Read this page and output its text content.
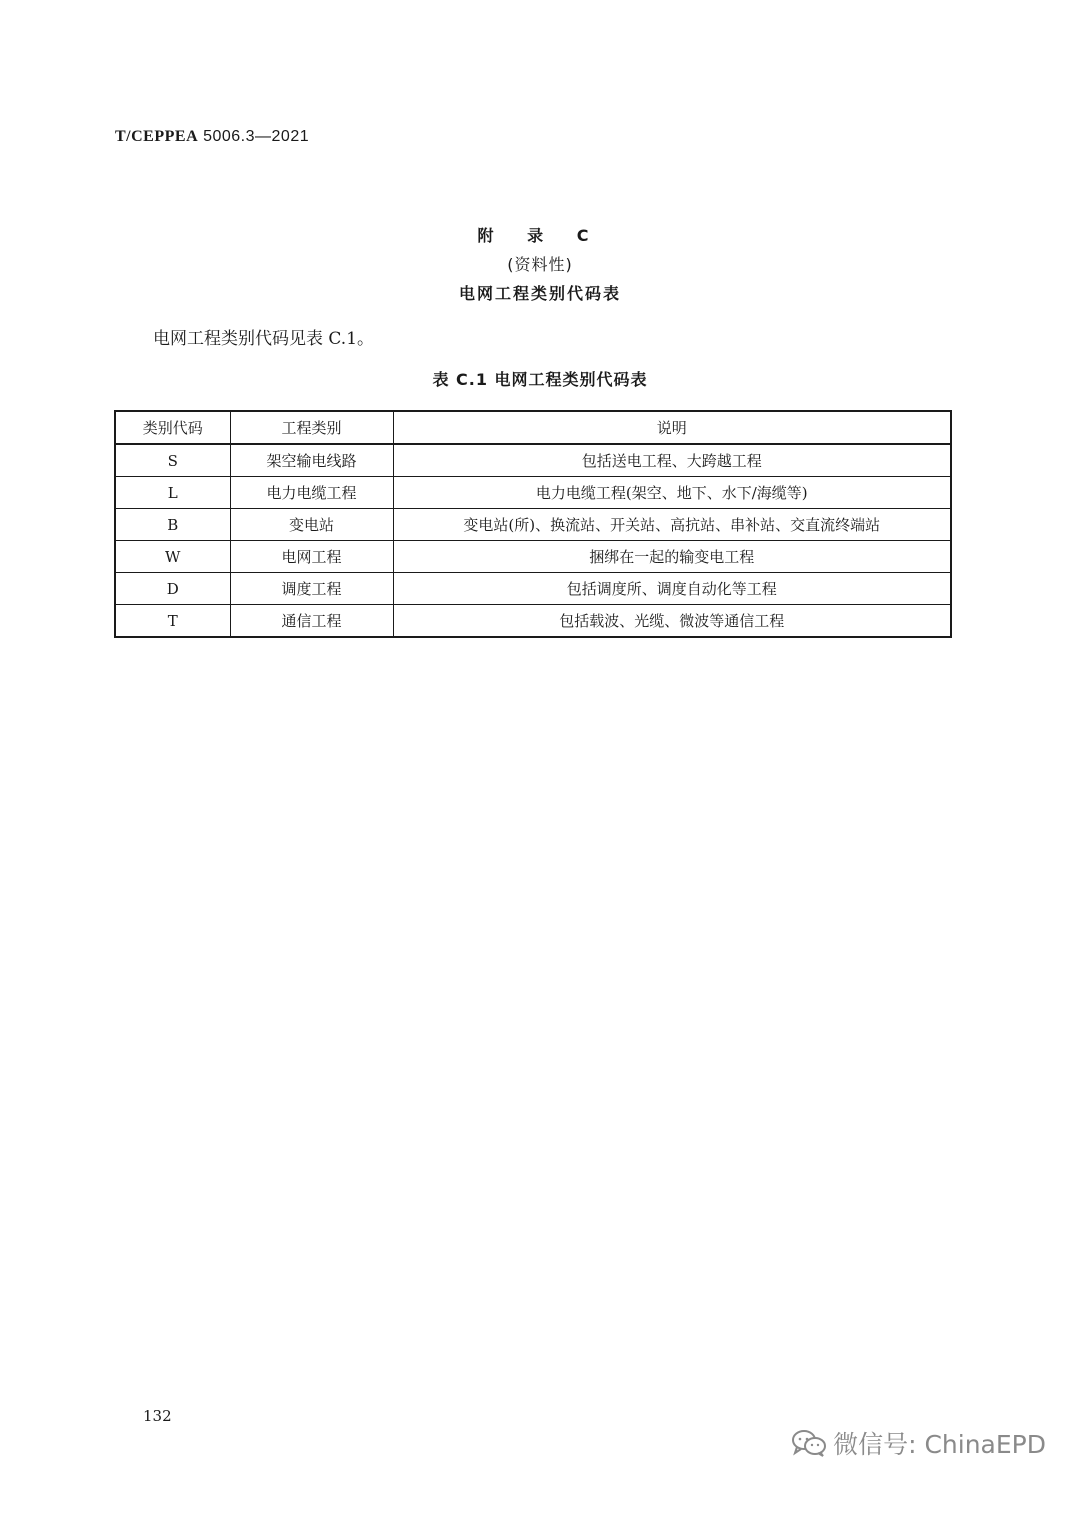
T/CEPPEA 5006.3—2021
附 录 C
(资料性)
电网工程类别代码表
电网工程类别代码见表 C.1。
表 C.1 电网工程类别代码表
类别代码	工程类别	说明
S	架空输电线路	包括送电工程、大跨越工程
L	电力电缆工程	电力电缆工程(架空、地下、水下/海缆等)
B	变电站	变电站(所)、换流站、开关站、高抗站、串补站、交直流终端站
W	电网工程	捆绑在一起的输变电工程
D	调度工程	包括调度所、调度自动化等工程
T	通信工程	包括载波、光缆、微波等通信工程
132
微信号: ChinaEPD
